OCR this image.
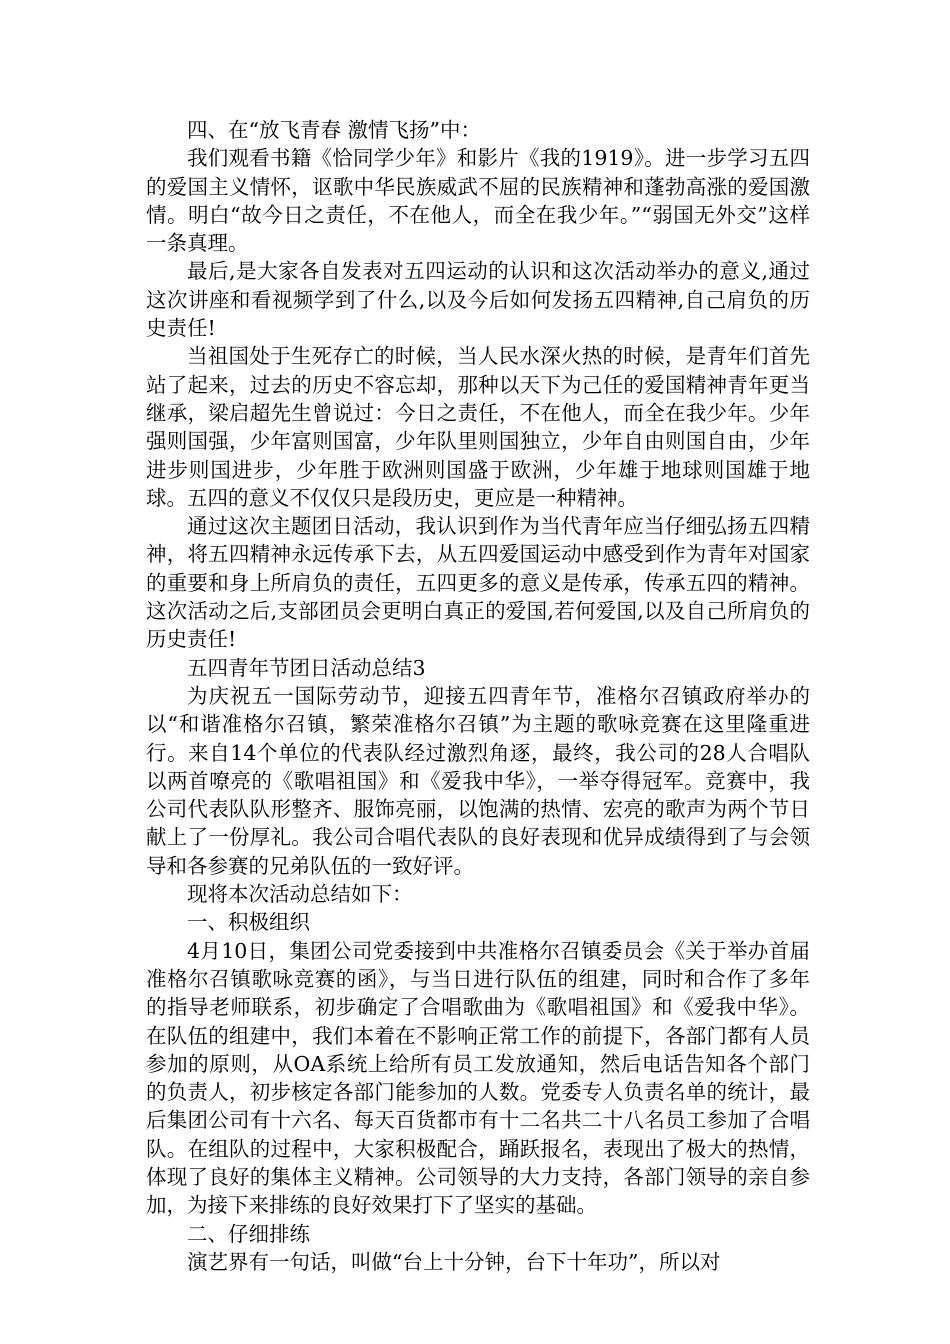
四、在“放飞青春 激情飞扬”中：

我们观看书籍《恰同学少年》和影片《我的1919》。进一步学习五四的爱国主义情怀，讴歌中华民族威武不屈的民族精神和蓬勃高涨的爱国激情。明白“故今日之责任，不在他人，而全在我少年。”“弱国无外交”这样一条真理。

最后,是大家各自发表对五四运动的认识和这次活动举办的意义,通过这次讲座和看视频学到了什么,以及今后如何发扬五四精神,自己肩负的历史责任!

当祖国处于生死存亡的时候，当人民水深火热的时候，是青年们首先站了起来，过去的历史不容忘却，那种以天下为己任的爱国精神青年更当继承，梁启超先生曾说过：今日之责任，不在他人，而全在我少年。少年强则国强，少年富则国富，少年队里则国独立，少年自由则国自由，少年进步则国进步，少年胜于欧洲则国盛于欧洲，少年雄于地球则国雄于地球。五四的意义不仅仅只是段历史，更应是一种精神。

通过这次主题团日活动，我认识到作为当代青年应当仔细弘扬五四精神，将五四精神永远传承下去，从五四爱国运动中感受到作为青年对国家的重要和身上所肩负的责任，五四更多的意义是传承，传承五四的精神。这次活动之后,支部团员会更明白真正的爱国,若何爱国,以及自己所肩负的历史责任!

五四青年节团日活动总结3

为庆祝五一国际劳动节，迎接五四青年节，准格尔召镇政府举办的以“和谐准格尔召镇，繁荣准格尔召镇”为主题的歌咏竞赛在这里隆重进行。来自14个单位的代表队经过激烈角逐，最终，我公司的28人合唱队以两首嘹亮的《歌唱祖国》和《爱我中华》，一举夺得冠军。竞赛中，我公司代表队队形整齐、服饰亮丽，以饱满的热情、宏亮的歌声为两个节日献上了一份厚礼。我公司合唱代表队的良好表现和优异成绩得到了与会领导和各参赛的兄弟队伍的一致好评。

现将本次活动总结如下：

一、积极组织

4月10日，集团公司党委接到中共准格尔召镇委员会《关于举办首届准格尔召镇歌咏竞赛的函》，与当日进行队伍的组建，同时和合作了多年的指导老师联系，初步确定了合唱歌曲为《歌唱祖国》和《爱我中华》。在队伍的组建中，我们本着在不影响正常工作的前提下，各部门都有人员参加的原则，从OA系统上给所有员工发放通知，然后电话告知各个部门的负责人，初步核定各部门能参加的人数。党委专人负责名单的统计，最后集团公司有十六名、每天百货都市有十二名共二十八名员工参加了合唱队。在组队的过程中，大家积极配合，踊跃报名，表现出了极大的热情，体现了良好的集体主义精神。公司领导的大力支持，各部门领导的亲自参加，为接下来排练的良好效果打下了坚实的基础。

二、仔细排练

演艺界有一句话，叫做“台上十分钟，台下十年功”，所以对
